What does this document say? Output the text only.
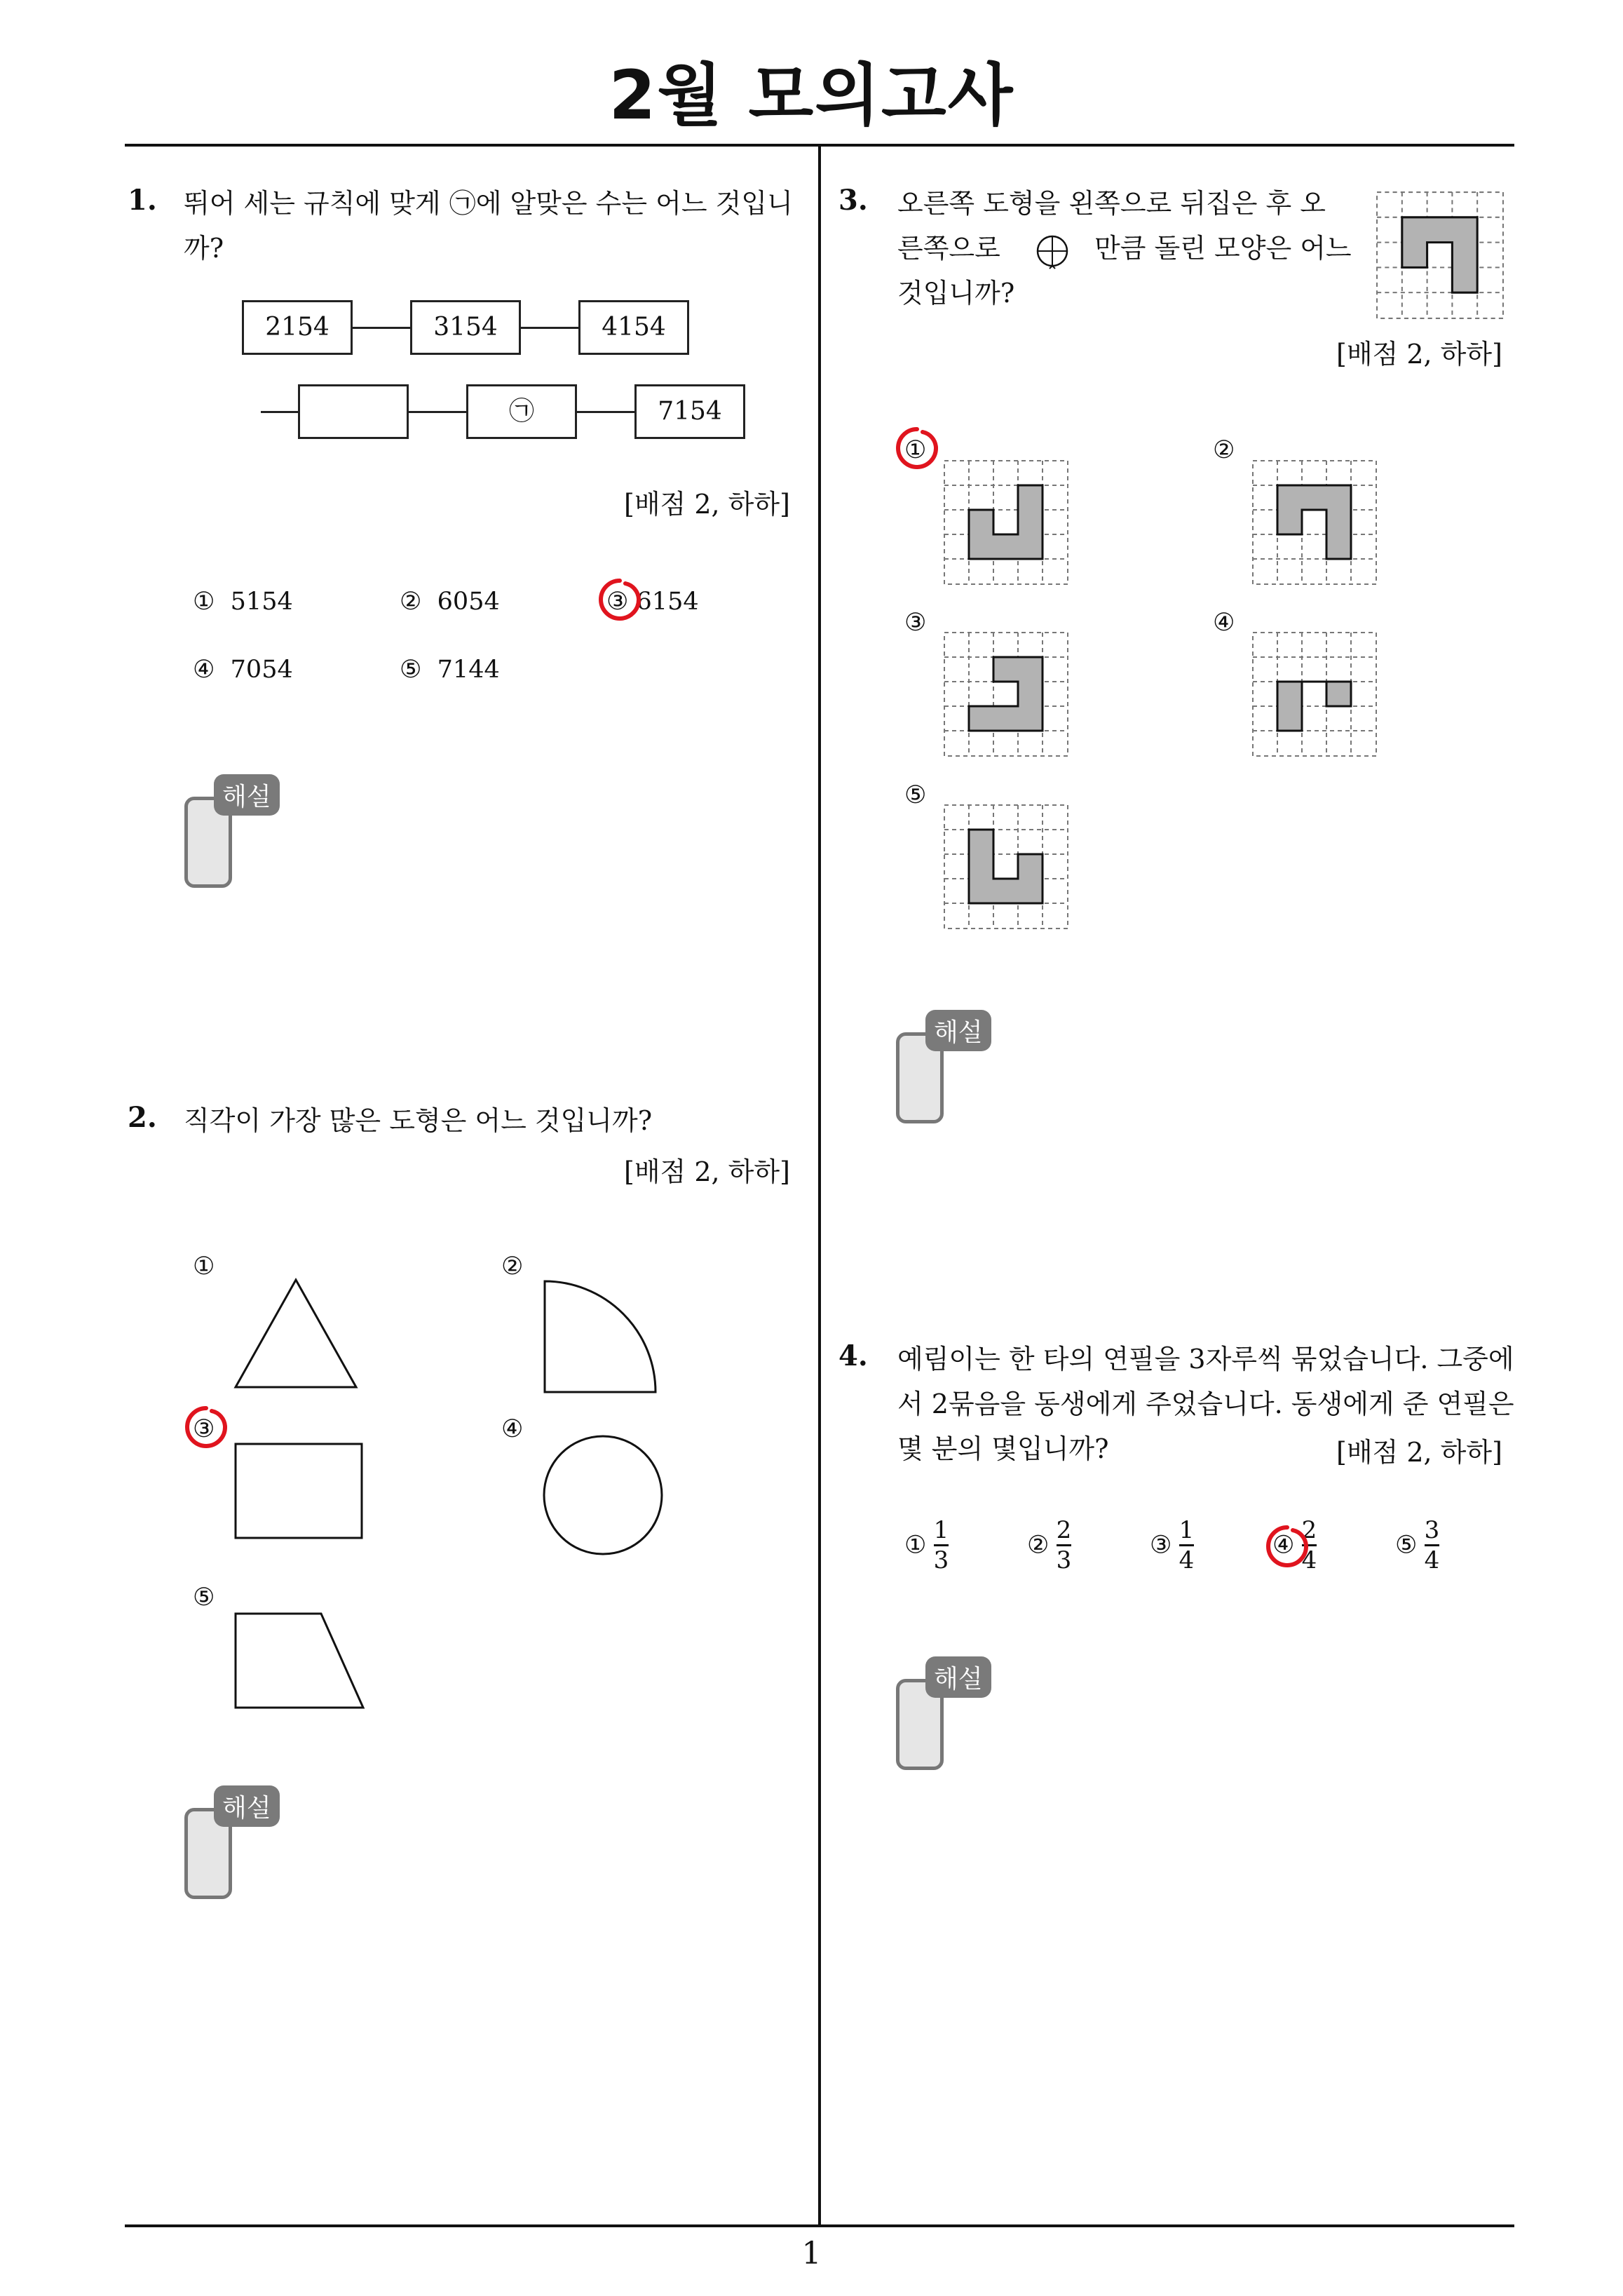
2월 모의고사
1
1. 뛰어 세는 규칙에 맞게 ㉠에 알맞은 수는 어느 것입니
까?
2154	3154	4154
㉠	7154
[배점 2, 하하]
① 5154	② 6054	③ 6154
④ 7054	⑤ 7144
해설
2. 직각이 가장 많은 도형은 어느 것입니까?
[배점 2, 하하]
①	②
③	④
⑤
해설
3. 오른쪽 도형을 왼쪽으로 뒤집은 후 오
른쪽으로	만큼 돌린 모양은 어느
것입니까?
[배점 2, 하하]
①	②
③	④
⑤
해설
4. 예림이는 한 타의 연필을 3자루씩 묶었습니다. 그중에
서 2묶음을 동생에게 주었습니다. 동생에게 준 연필은
몇 분의 몇입니까?	[배점 2, 하하]
① $\frac{1}{3}$	② $\frac{2}{3}$	③ $\frac{1}{4}$	④ $\frac{2}{4}$	⑤ $\frac{3}{4}$
해설
